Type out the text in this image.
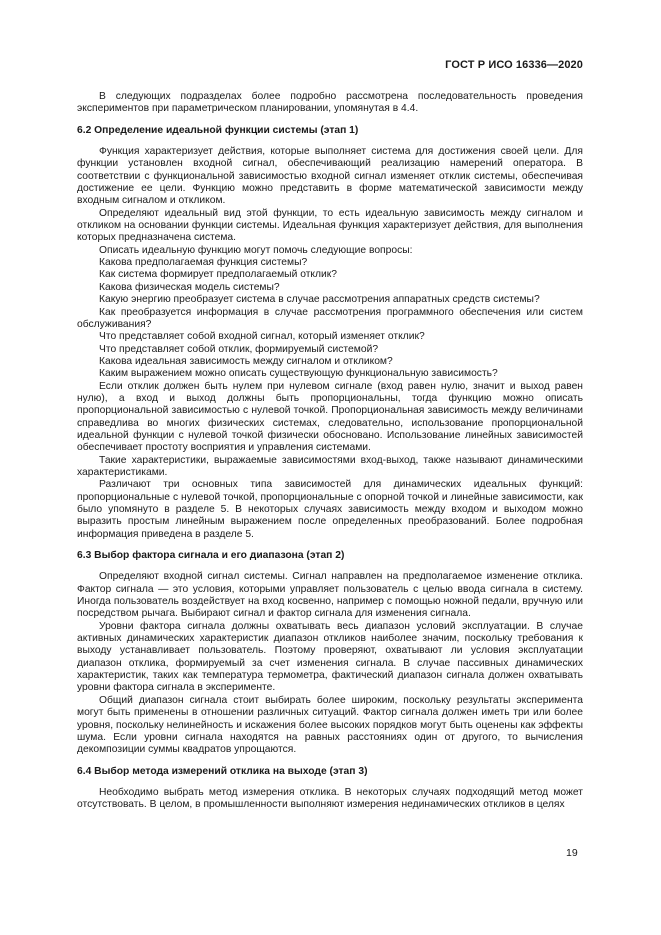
ГОСТ Р ИСО 16336—2020

В следующих подразделах более подробно рассмотрена последовательность проведения экспериментов при параметрическом планировании, упомянутая в 4.4.

6.2 Определение идеальной функции системы (этап 1)

Функция характеризует действия, которые выполняет система для достижения своей цели. Для функции установлен входной сигнал, обеспечивающий реализацию намерений оператора. В соответствии с функциональной зависимостью входной сигнал изменяет отклик системы, обеспечивая достижение ее цели. Функцию можно представить в форме математической зависимости между входным сигналом и откликом.

Определяют идеальный вид этой функции, то есть идеальную зависимость между сигналом и откликом на основании функции системы. Идеальная функция характеризует действия, для выполнения которых предназначена система.

Описать идеальную функцию могут помочь следующие вопросы:

Какова предполагаемая функция системы?

Как система формирует предполагаемый отклик?

Какова физическая модель системы?

Какую энергию преобразует система в случае рассмотрения аппаратных средств системы?

Как преобразуется информация в случае рассмотрения программного обеспечения или систем обслуживания?

Что представляет собой входной сигнал, который изменяет отклик?

Что представляет собой отклик, формируемый системой?

Какова идеальная зависимость между сигналом и откликом?

Каким выражением можно описать существующую функциональную зависимость?

Если отклик должен быть нулем при нулевом сигнале (вход равен нулю, значит и выход равен нулю), а вход и выход должны быть пропорциональны, тогда функцию можно описать пропорциональной зависимостью с нулевой точкой. Пропорциональная зависимость между величинами справедлива во многих физических системах, следовательно, использование пропорциональной идеальной функции с нулевой точкой физически обосновано. Использование линейных зависимостей обеспечивает простоту восприятия и управления системами.

Такие характеристики, выражаемые зависимостями вход-выход, также называют динамическими характеристиками.

Различают три основных типа зависимостей для динамических идеальных функций: пропорциональные с нулевой точкой, пропорциональные с опорной точкой и линейные зависимости, как было упомянуто в разделе 5. В некоторых случаях зависимость между входом и выходом можно выразить простым линейным выражением после определенных преобразований. Более подробная информация приведена в разделе 5.

6.3 Выбор фактора сигнала и его диапазона (этап 2)

Определяют входной сигнал системы. Сигнал направлен на предполагаемое изменение отклика. Фактор сигнала — это условия, которыми управляет пользователь с целью ввода сигнала в систему. Иногда пользователь воздействует на вход косвенно, например с помощью ножной педали, вручную или посредством рычага. Выбирают сигнал и фактор сигнала для изменения сигнала.

Уровни фактора сигнала должны охватывать весь диапазон условий эксплуатации. В случае активных динамических характеристик диапазон откликов наиболее значим, поскольку требования к выходу устанавливает пользователь. Поэтому проверяют, охватывают ли условия эксплуатации диапазон отклика, формируемый за счет изменения сигнала. В случае пассивных динамических характеристик, таких как температура термометра, фактический диапазон сигнала должен охватывать уровни фактора сигнала в эксперименте.

Общий диапазон сигнала стоит выбирать более широким, поскольку результаты эксперимента могут быть применены в отношении различных ситуаций. Фактор сигнала должен иметь три или более уровня, поскольку нелинейность и искажения более высоких порядков могут быть оценены как эффекты шума. Если уровни сигнала находятся на равных расстояниях один от другого, то вычисления декомпозиции суммы квадратов упрощаются.

6.4 Выбор метода измерений отклика на выходе (этап 3)

Необходимо выбрать метод измерения отклика. В некоторых случаях подходящий метод может отсутствовать. В целом, в промышленности выполняют измерения нединамических откликов в целях

19
